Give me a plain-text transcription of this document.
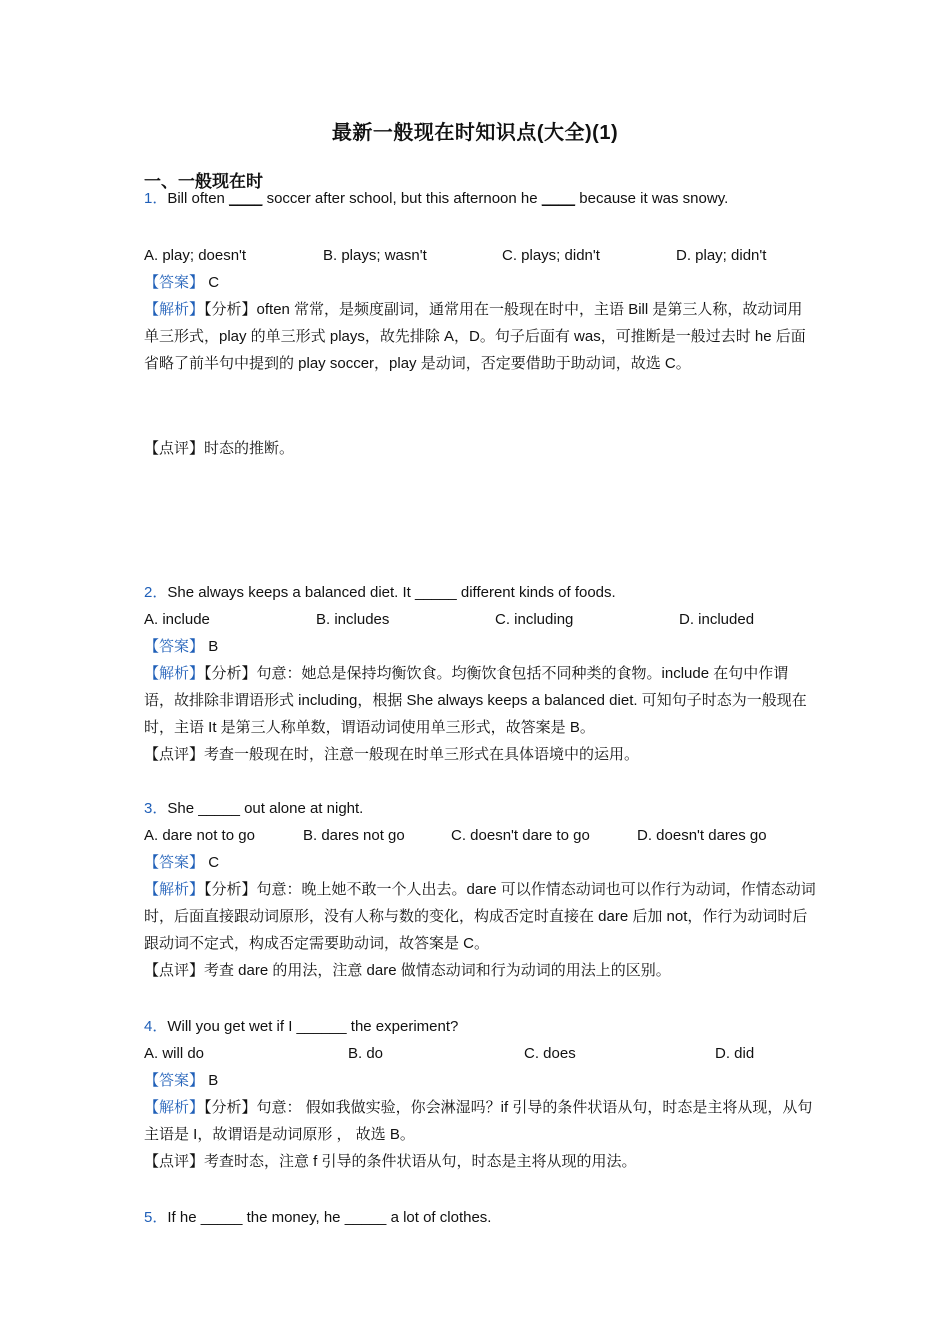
最新一般现在时知识点(大全)(1)
一、一般现在时
1．Bill often ____ soccer after school, but this afternoon he ____ because it was snowy.
A. play; doesn't	B. plays; wasn't	C. plays; didn't	D. play; didn't
【答案】 C
【解析】【分析】often 常常，是频度副词，通常用在一般现在时中，主语 Bill 是第三人称，故动词用单三形式，play 的单三形式 plays，故先排除 A，D。句子后面有 was，可推断是一般过去时 he 后面省略了前半句中提到的 play soccer，play 是动词，否定要借助于助动词，故选 C。
【点评】时态的推断。
2．She always keeps a balanced diet. It _____ different kinds of foods.
A. include	B. includes	C. including	D. included
【答案】 B
【解析】【分析】句意：她总是保持均衡饮食。均衡饮食包括不同种类的食物。include 在句中作谓语，故排除非谓语形式 including，根据 She always keeps a balanced diet. 可知句子时态为一般现在时，主语 It 是第三人称单数，谓语动词使用单三形式，故答案是 B。
【点评】考查一般现在时，注意一般现在时单三形式在具体语境中的运用。
3．She _____ out alone at night.
A. dare not to go	B. dares not go	C. doesn't dare to go	D. doesn't dares go
【答案】 C
【解析】【分析】句意：晚上她不敢一个人出去。dare 可以作情态动词也可以作行为动词，作情态动词时，后面直接跟动词原形，没有人称与数的变化，构成否定时直接在 dare 后加 not，作行为动词时后跟动词不定式，构成否定需要助动词，故答案是 C。
【点评】考查 dare 的用法，注意 dare 做情态动词和行为动词的用法上的区别。
4．Will you get wet if I ______ the experiment?
A. will do	B. do	C. does	D. did
【答案】 B
【解析】【分析】句意： 假如我做实验，你会淋湿吗？if 引导的条件状语从句，时态是主将从现，从句主语是 I，故谓语是动词原形 ， 故选 B。
【点评】考查时态，注意 f 引导的条件状语从句，时态是主将从现的用法。
5．If he _____ the money, he _____ a lot of clothes.
